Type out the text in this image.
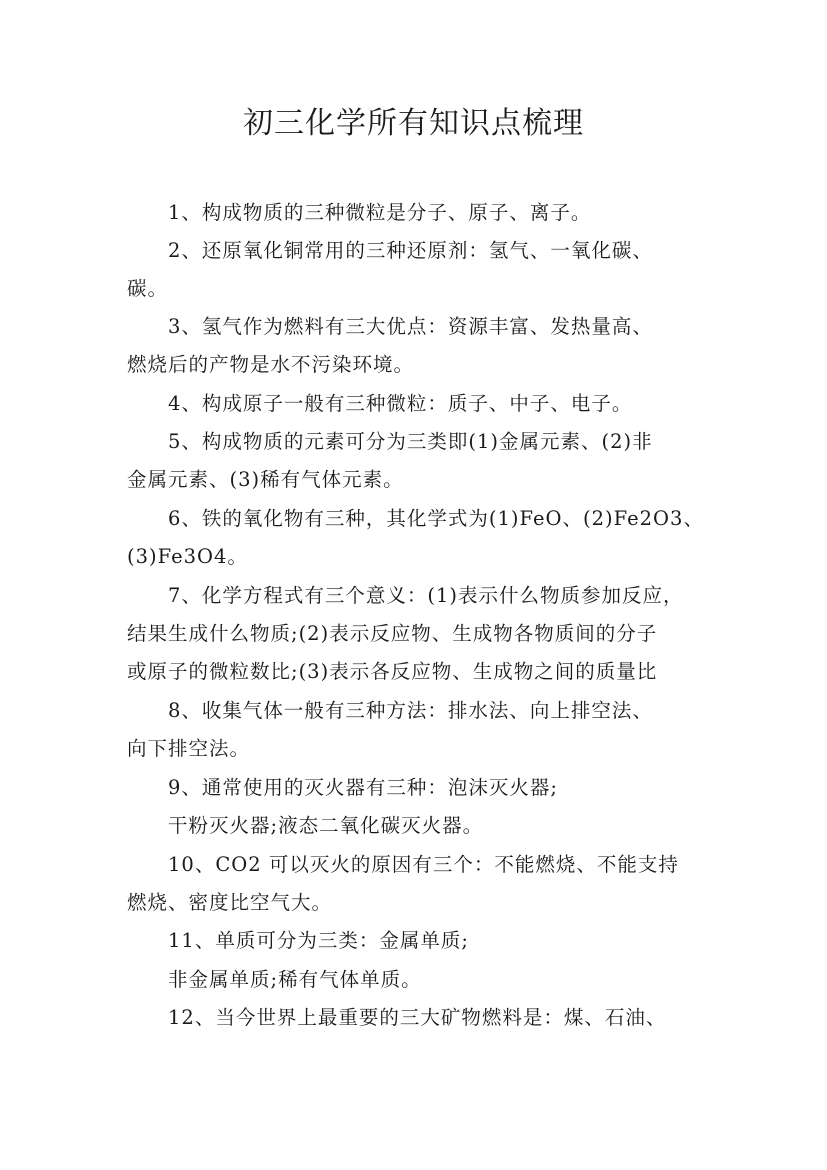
初三化学所有知识点梳理
1、构成物质的三种微粒是分子、原子、离子。
2、还原氧化铜常用的三种还原剂：氢气、一氧化碳、
碳。
3、氢气作为燃料有三大优点：资源丰富、发热量高、
燃烧后的产物是水不污染环境。
4、构成原子一般有三种微粒：质子、中子、电子。
5、构成物质的元素可分为三类即(1)金属元素、(2)非
金属元素、(3)稀有气体元素。
6、铁的氧化物有三种，其化学式为(1)FeO、(2)Fe2O3、
(3)Fe3O4。
7、化学方程式有三个意义：(1)表示什么物质参加反应，
结果生成什么物质;(2)表示反应物、生成物各物质间的分子
或原子的微粒数比;(3)表示各反应物、生成物之间的质量比
8、收集气体一般有三种方法：排水法、向上排空法、
向下排空法。
9、通常使用的灭火器有三种：泡沫灭火器;
干粉灭火器;液态二氧化碳灭火器。
10、CO2 可以灭火的原因有三个：不能燃烧、不能支持
燃烧、密度比空气大。
11、单质可分为三类：金属单质;
非金属单质;稀有气体单质。
12、当今世界上最重要的三大矿物燃料是：煤、石油、
